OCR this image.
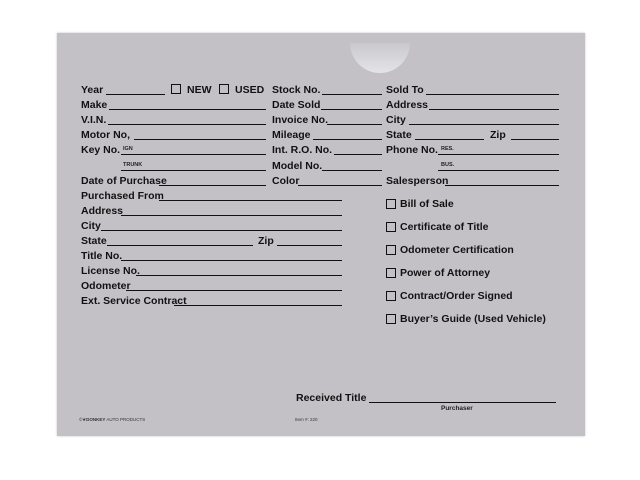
Year	NEW USED Stock No.	Sold To
Make	Date Sold	Address
V.I.N.	Invoice No.	City
Motor No,	Mileage	State	Zip
Key No. IGN	Int. R.O. No.	Phone No. RES.
TRUNK	Model No.	BUS.
Date of Purchase	Color	Salesperson
Purchased From
Address
City
State	Zip
Title No.
License No.
Odometer
Ext. Service Contract
Bill of Sale
Certificate of Title
Odometer Certification
Power of Attorney
Contract/Order Signed
Buyer’s Guide (Used Vehicle)
Received Title
Purchaser
©❦DONKEY AUTO PRODUCTS	Item #: 220
